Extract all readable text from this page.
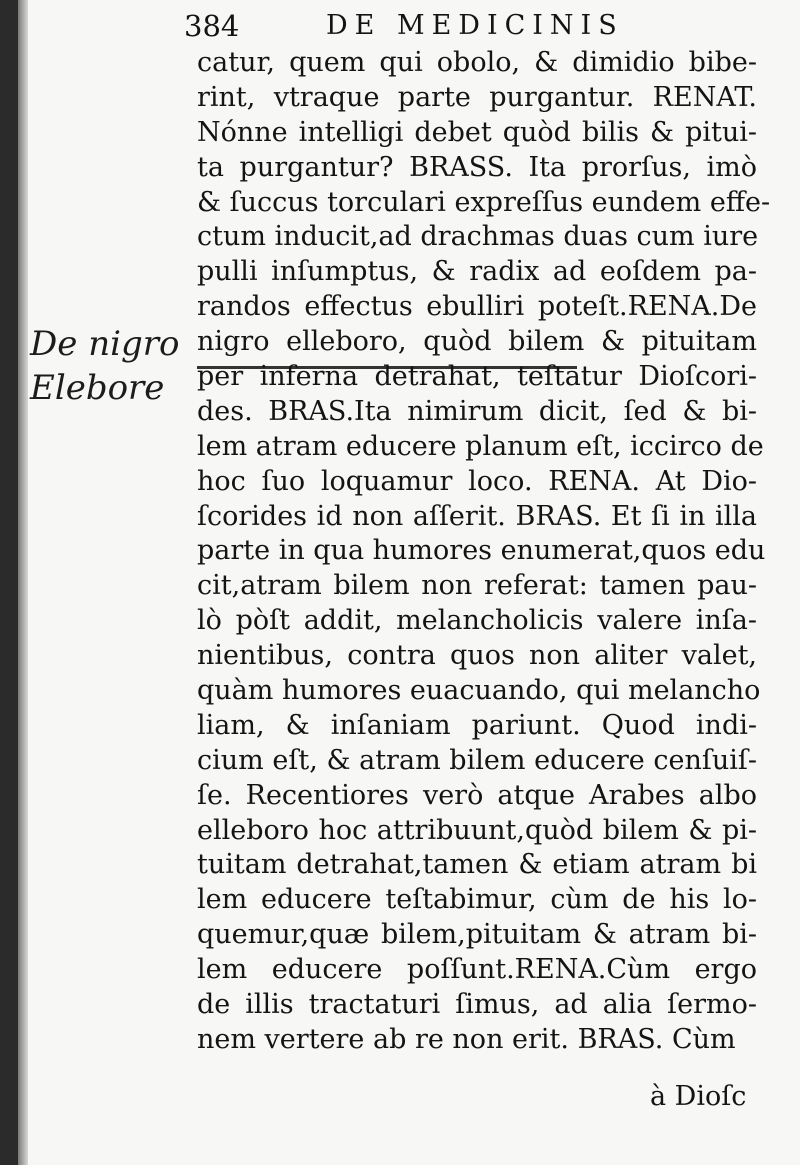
384	DE MEDICINIS
De nigro
Elebore
catur, quem qui obolo, & dimidio bibe-
rint, vtraque parte purgantur. RENAT.
Nónne intelligi debet quòd bilis & pitui-
ta purgantur? BRASS. Ita prorſus, imò
& ſuccus torculari expreſſus eundem effe-
ctum inducit,ad drachmas duas cum iure
pulli inſumptus, & radix ad eoſdem pa-
randos effectus ebulliri poteſt.RENA.De
nigro elleboro, quòd bilem & pituitam
per inferna detrahat, teſtatur Dioſcori-
des. BRAS.Ita nimirum dicit, ſed & bi-
lem atram educere planum eſt, iccirco de
hoc ſuo loquamur loco. RENA. At Dio-
ſcorides id non aſſerit. BRAS. Et ſi in illa
parte in qua humores enumerat,quos edu
cit,atram bilem non referat: tamen pau-
lò pòſt addit, melancholicis valere inſa-
nientibus, contra quos non aliter valet,
quàm humores euacuando, qui melancho
liam, & inſaniam pariunt. Quod indi-
cium eſt, & atram bilem educere cenſuiſ-
ſe. Recentiores verò atque Arabes albo
elleboro hoc attribuunt,quòd bilem & pi-
tuitam detrahat,tamen & etiam atram bi
lem educere teſtabimur, cùm de his lo-
quemur,quæ bilem,pituitam & atram bi-
lem educere poſſunt.RENA.Cùm ergo
de illis tractaturi ſimus, ad alia ſermo-
nem vertere ab re non erit. BRAS. Cùm
à Dioſc
